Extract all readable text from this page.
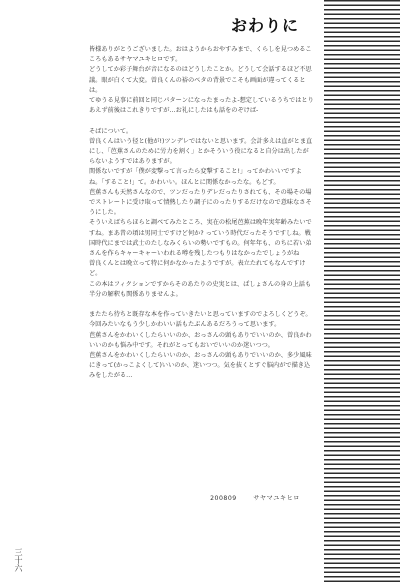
おわりに

皆様ありがとうございました。おはようからおやすみまで、くらしを見つめるこころもあるサヤマユキヒロです。

どうしてか彩子舞台が音になるのはどうしたことか。どうして会話するほど不思議。眼が白くて大変。曽良くんの裕のベタの背景でこそも画面が違ってくるとは。

てゆうる見事に前回と同じパターンになったまったよ-想定しているうちではとりあえず前後はこれきりですが…お礼にしたはも話をのぞけば-

そばについて。

曽良くんはいう径と(他が!)ツンデレではないと思います。会計多えは直がとま直にし、「芭蕉さんのために労力を割く」とかそういう役になると自分は出したがらないようすではありますが。

関係ないですが「僕が変撃って言ったら変撃すること!」ってかわいいですよね。「すること!」て。かわいい。ほんとに関係なかったな。もどす。

芭蕉さんも天然さんなので、ツンだったりデレだったりされても、その場その場でストレートに受け取って情熱したり調子にのったりするだけなので意味なさそうにした。

そういえばちらほらと調べてみたところ、実在の松尾芭蕉は晩年実年齢みたいですね。まあ昔の頃は男同士ですけど何か? っていう時代だったそうですしね。戦国時代にまでは武士のたしなみくらいの勢いですもの。何年年も、のちに若い弟さんを作らキャーキャーいわれる噂を残したつもりはなかったでしょうがね

曽良くんとは晩立って特に何かなかったようですが。表立たれてもなんですけど。

この本はフィクションですからそのあたりの史実とは、ぱしょさんの身の上話も半分の解釈も関係ありませんよ。

またたら待ちと既存な本を作っていきたいと思っていますのでよろしくどうぞ。今回みたいなもう少しかわいい話もたぶんあるだろうって思います。

芭蕉さんをかわいくしたらいいのか、おっさんの頭もありでいいのか、曽良かわいいのかも悩み中です。それがとってもおいでいいのか迷いつつ。

芭蕉さんをかわいくしたらいいのか、おっさんの頭もありでいいのか、多少風味にきって(かっこよくして)いいのか、迷いつつ。気を抜くとすぐ脳内がで描き込みをしたがる…

200809	サヤマユキヒロ
三十六
